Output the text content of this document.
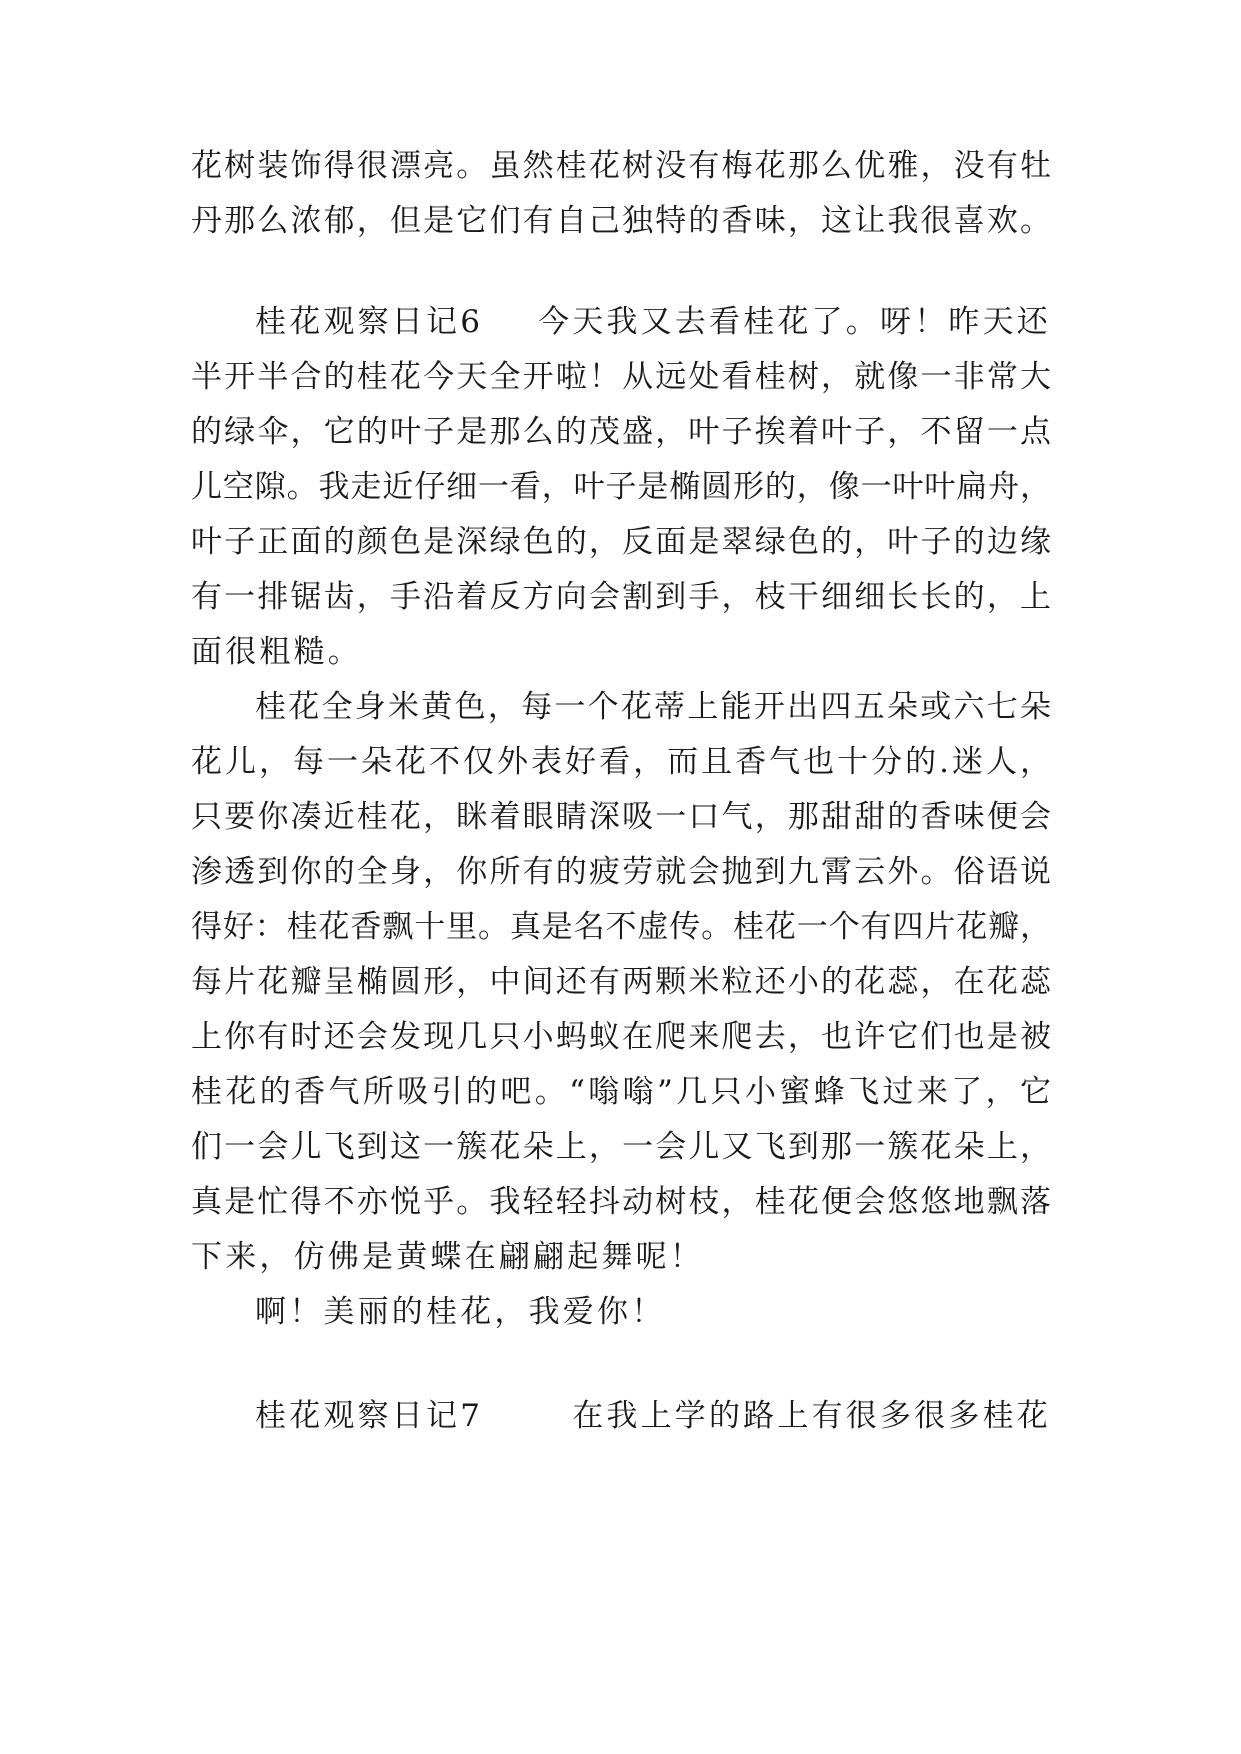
花树装饰得很漂亮。虽然桂花树没有梅花那么优雅，没有牡
丹那么浓郁，但是它们有自己独特的香味，这让我很喜欢。
桂花观察日记6 今天我又去看桂花了。呀！昨天还
半开半合的桂花今天全开啦！从远处看桂树，就像一非常大
的绿伞，它的叶子是那么的茂盛，叶子挨着叶子，不留一点
儿空隙。我走近仔细一看，叶子是椭圆形的，像一叶叶扁舟，
叶子正面的颜色是深绿色的，反面是翠绿色的，叶子的边缘
有一排锯齿，手沿着反方向会割到手，枝干细细长长的，上
面很粗糙。
桂花全身米黄色，每一个花蒂上能开出四五朵或六七朵
花儿，每一朵花不仅外表好看，而且香气也十分的.迷人，
只要你凑近桂花，眯着眼睛深吸一口气，那甜甜的香味便会
渗透到你的全身，你所有的疲劳就会抛到九霄云外。俗语说
得好：桂花香飘十里。真是名不虚传。桂花一个有四片花瓣，
每片花瓣呈椭圆形，中间还有两颗米粒还小的花蕊，在花蕊
上你有时还会发现几只小蚂蚁在爬来爬去，也许它们也是被
桂花的香气所吸引的吧。“嗡嗡”几只小蜜蜂飞过来了，它
们一会儿飞到这一簇花朵上，一会儿又飞到那一簇花朵上，
真是忙得不亦悦乎。我轻轻抖动树枝，桂花便会悠悠地飘落
下来，仿佛是黄蝶在翩翩起舞呢！
啊！美丽的桂花，我爱你！
桂花观察日记7	在我上学的路上有很多很多桂花
